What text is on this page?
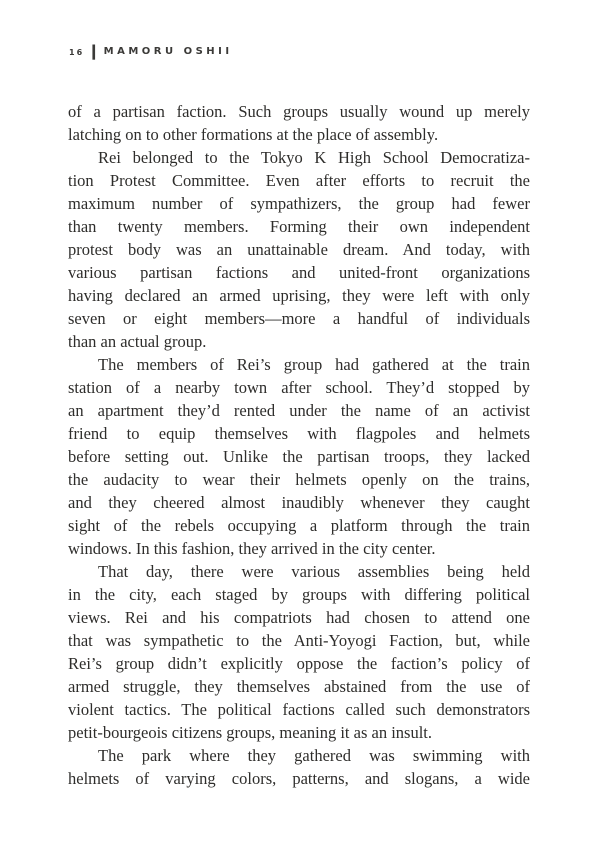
16 | MAMORU OSHII
of a partisan faction. Such groups usually wound up merely
latching on to other formations at the place of assembly.
Rei belonged to the Tokyo K High School Democratiza-
tion Protest Committee. Even after efforts to recruit the
maximum number of sympathizers, the group had fewer
than twenty members. Forming their own independent
protest body was an unattainable dream. And today, with
various partisan factions and united-front organizations
having declared an armed uprising, they were left with only
seven or eight members—more a handful of individuals
than an actual group.
The members of Rei’s group had gathered at the train
station of a nearby town after school. They’d stopped by
an apartment they’d rented under the name of an activist
friend to equip themselves with flagpoles and helmets
before setting out. Unlike the partisan troops, they lacked
the audacity to wear their helmets openly on the trains,
and they cheered almost inaudibly whenever they caught
sight of the rebels occupying a platform through the train
windows. In this fashion, they arrived in the city center.
That day, there were various assemblies being held
in the city, each staged by groups with differing political
views. Rei and his compatriots had chosen to attend one
that was sympathetic to the Anti-Yoyogi Faction, but, while
Rei’s group didn’t explicitly oppose the faction’s policy of
armed struggle, they themselves abstained from the use of
violent tactics. The political factions called such demonstrators
petit-bourgeois citizens groups, meaning it as an insult.
The park where they gathered was swimming with
helmets of varying colors, patterns, and slogans, a wide
